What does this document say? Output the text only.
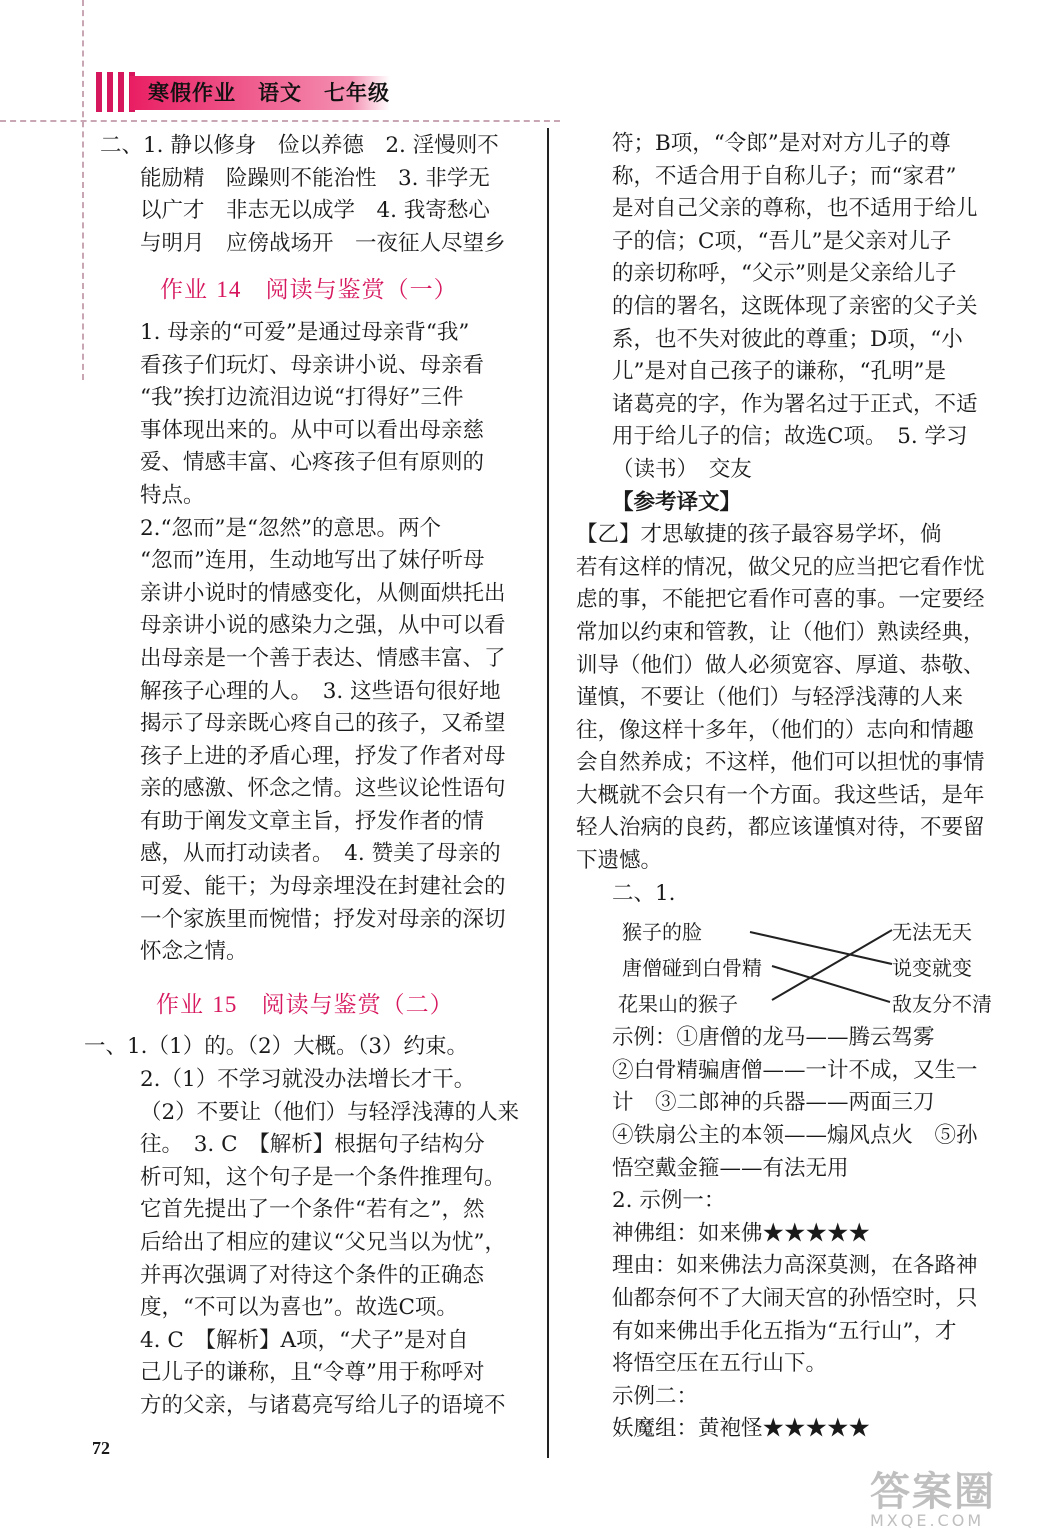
寒假作业　语文　七年级

二、1. 静以修身　俭以养德　2. 淫慢则不

能励精　险躁则不能治性　3. 非学无

以广才　非志无以成学　4. 我寄愁心

与明月　应傍战场开　一夜征人尽望乡

作业 14 阅读与鉴赏（一）

1. 母亲的“可爱”是通过母亲背“我”

看孩子们玩灯、母亲讲小说、母亲看

“我”挨打边流泪边说“打得好”三件

事体现出来的。从中可以看出母亲慈

爱、情感丰富、心疼孩子但有原则的

特点。

2.“忽而”是“忽然”的意思。两个

“忽而”连用，生动地写出了妹仔听母

亲讲小说时的情感变化，从侧面烘托出

母亲讲小说的感染力之强，从中可以看

出母亲是一个善于表达、情感丰富、了

解孩子心理的人。　3. 这些语句很好地

揭示了母亲既心疼自己的孩子，又希望

孩子上进的矛盾心理，抒发了作者对母

亲的感激、怀念之情。这些议论性语句

有助于阐发文章主旨，抒发作者的情

感，从而打动读者。　4. 赞美了母亲的

可爱、能干；为母亲埋没在封建社会的

一个家族里而惋惜；抒发对母亲的深切

怀念之情。

作业 15 阅读与鉴赏（二）

一、1.（1）的。（2）大概。（3）约束。

2.（1）不学习就没办法增长才干。

（2）不要让（他们）与轻浮浅薄的人来

往。　3. C　【解析】根据句子结构分

析可知，这个句子是一个条件推理句。

它首先提出了一个条件“若有之”，然

后给出了相应的建议“父兄当以为忧”，

并再次强调了对待这个条件的正确态

度，“不可以为喜也”。故选C项。

4. C　【解析】A项，“犬子”是对自

己儿子的谦称，且“令尊”用于称呼对

方的父亲，与诸葛亮写给儿子的语境不

符；B项，“令郎”是对对方儿子的尊

称，不适合用于自称儿子；而“家君”

是对自己父亲的尊称，也不适用于给儿

子的信；C项，“吾儿”是父亲对儿子

的亲切称呼，“父示”则是父亲给儿子

的信的署名，这既体现了亲密的父子关

系，也不失对彼此的尊重；D项，“小

儿”是对自己孩子的谦称，“孔明”是

诸葛亮的字，作为署名过于正式，不适

用于给儿子的信；故选C项。　5. 学习

（读书）　交友

【参考译文】

【乙】才思敏捷的孩子最容易学坏，倘

若有这样的情况，做父兄的应当把它看作忧

虑的事，不能把它看作可喜的事。一定要经

常加以约束和管教，让（他们）熟读经典，

训导（他们）做人必须宽容、厚道、恭敬、

谨慎，不要让（他们）与轻浮浅薄的人来

往，像这样十多年，（他们的）志向和情趣

会自然养成；不这样，他们可以担忧的事情

大概就不会只有一个方面。我这些话，是年

轻人治病的良药，都应该谨慎对待，不要留

下遗憾。

二、1.

猴子的脸
唐僧碰到白骨精
花果山的猴子
无法无天
说变就变
敌友分不清

示例：①唐僧的龙马——腾云驾雾

②白骨精骗唐僧——一计不成，又生一

计　③二郎神的兵器——两面三刀

④铁扇公主的本领——煽风点火　⑤孙

悟空戴金箍——有法无用

2. 示例一：

神佛组：如来佛★★★★★

理由：如来佛法力高深莫测，在各路神

仙都奈何不了大闹天宫的孙悟空时，只

有如来佛出手化五指为“五行山”，才

将悟空压在五行山下。

示例二：

妖魔组：黄袍怪★★★★★

72
答案圈
MXQE.COM
